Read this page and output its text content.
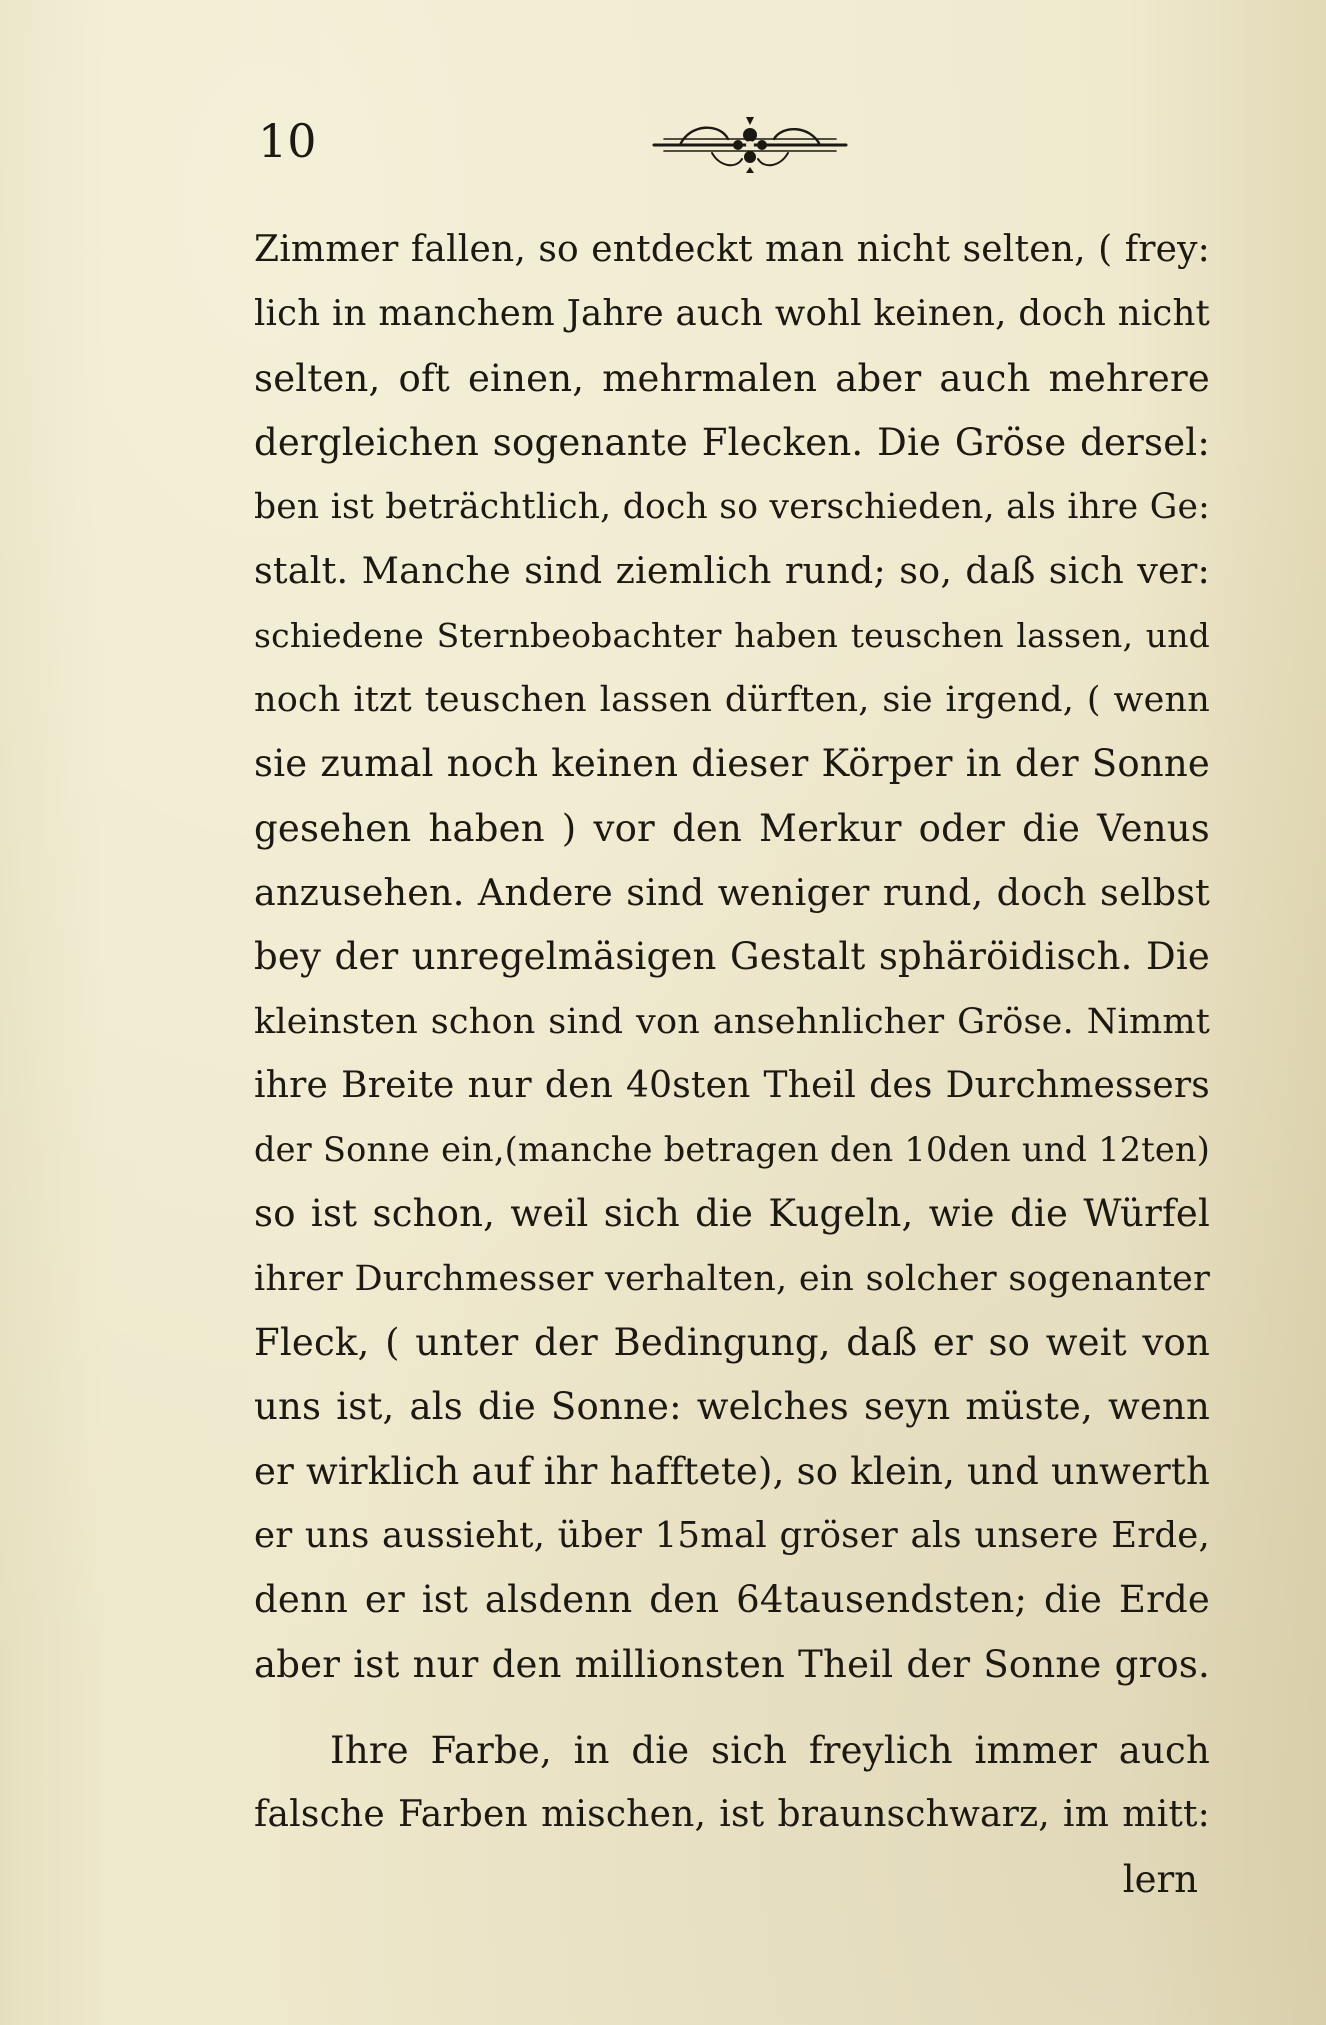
10
Zimmer fallen, so entdeckt man nicht selten, ( frey:
lich in manchem Jahre auch wohl keinen, doch nicht
selten, oft einen, mehrmalen aber auch mehrere
dergleichen sogenante Flecken. Die Gröse dersel:
ben ist beträchtlich, doch so verschieden, als ihre Ge:
stalt. Manche sind ziemlich rund; so, daß sich ver:
schiedene Sternbeobachter haben teuschen lassen, und
noch itzt teuschen lassen dürften, sie irgend, ( wenn
sie zumal noch keinen dieser Körper in der Sonne
gesehen haben ) vor den Merkur oder die Venus
anzusehen. Andere sind weniger rund, doch selbst
bey der unregelmäsigen Gestalt sphäröidisch. Die
kleinsten schon sind von ansehnlicher Gröse. Nimmt
ihre Breite nur den 40sten Theil des Durchmessers
der Sonne ein,(manche betragen den 10den und 12ten)
so ist schon, weil sich die Kugeln, wie die Würfel
ihrer Durchmesser verhalten, ein solcher sogenanter
Fleck, ( unter der Bedingung, daß er so weit von
uns ist, als die Sonne: welches seyn müste, wenn
er wirklich auf ihr hafftete), so klein, und unwerth
er uns aussieht, über 15mal gröser als unsere Erde,
denn er ist alsdenn den 64tausendsten; die Erde
aber ist nur den millionsten Theil der Sonne gros.
Ihre Farbe, in die sich freylich immer auch
falsche Farben mischen, ist braunschwarz, im mitt:
lern
